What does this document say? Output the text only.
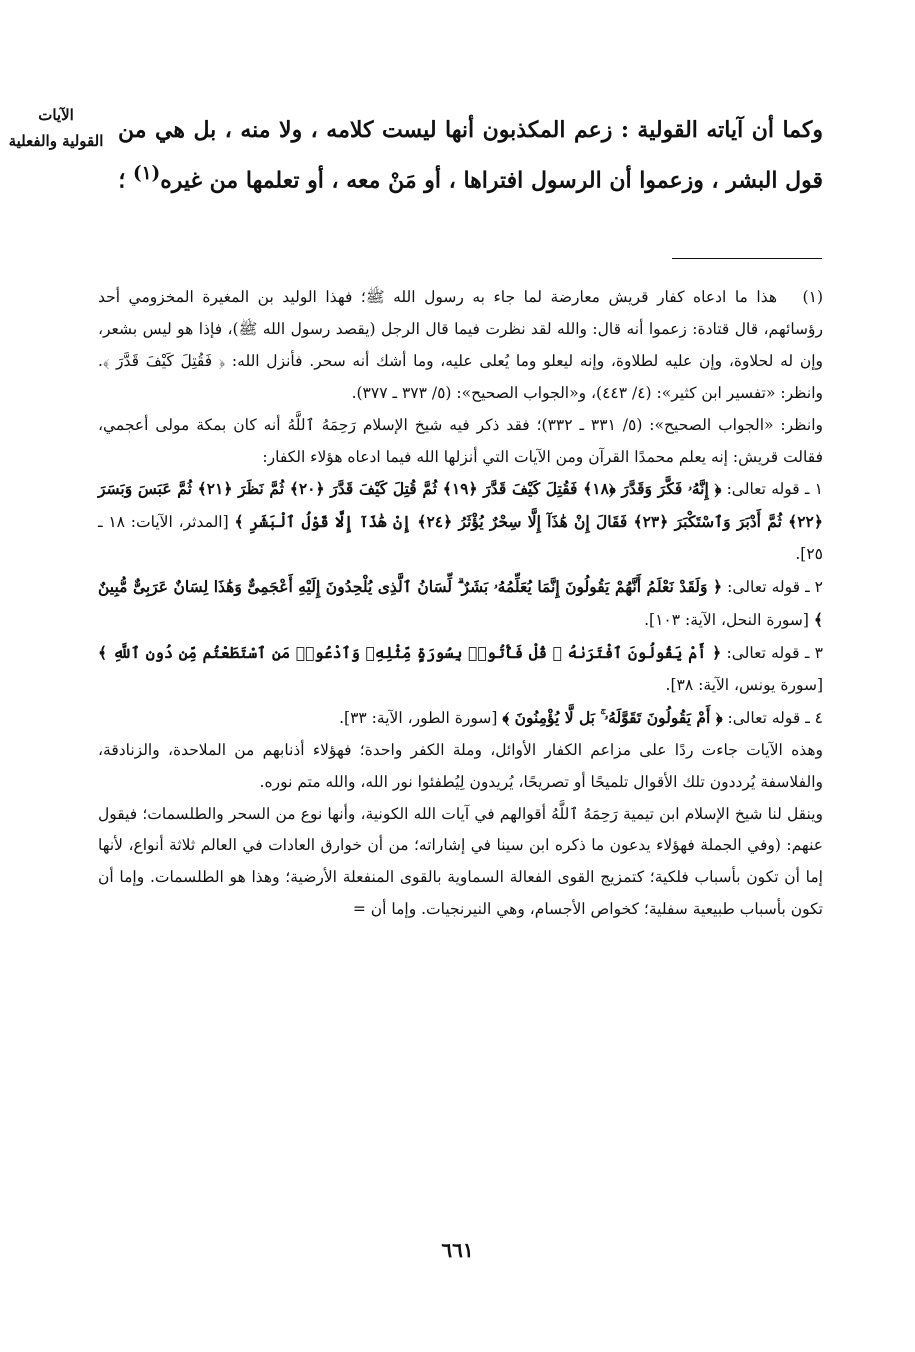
الآيات
القولية والفعلية وكما أن آياته القولية : زعم المكذبون أنها ليست كلامه ، ولا منه ، بل هي من قول البشر ، وزعموا أن الرسول افتراها ، أو مَنْ معه ، أو تعلمها من غيره$^{(١)}$ ؛

(١)هذا ما ادعاه كفار قريش معارضة لما جاء به رسول الله ﷺ؛ فهذا الوليد بن المغيرة المخزومي أحد رؤسائهم، قال قتادة: زعموا أنه قال: والله لقد نظرت فيما قال الرجل (يقصد رسول الله ﷺ)، فإذا هو ليس بشعر، وإن له لحلاوة، وإن عليه لطلاوة، وإنه ليعلو وما يُعلى عليه، وما أشك أنه سحر. فأنزل الله: ﴿ فَقُتِلَ كَيْفَ قَدَّرَ ﴾. وانظر: «تفسير ابن كثير»: (٤/ ٤٤٣)، و«الجواب الصحيح»: (٥/ ٣٧٣ ـ ٣٧٧).

وانظر: «الجواب الصحيح»: (٥/ ٣٣١ ـ ٣٣٢)؛ فقد ذكر فيه شيخ الإسلام رَحِمَهُ ٱللَّهُ أنه كان بمكة مولى أعجمي، فقالت قريش: إنه يعلم محمدًا القرآن ومن الآيات التي أنزلها الله فيما ادعاه هؤلاء الكفار:

١ ـ قوله تعالى: ﴿ إِنَّهُۥ فَكَّرَ وَقَدَّرَ ﴿١٨﴾ فَقُتِلَ كَيْفَ قَدَّرَ ﴿١٩﴾ ثُمَّ قُتِلَ كَيْفَ قَدَّرَ ﴿٢٠﴾ ثُمَّ نَظَرَ ﴿٢١﴾ ثُمَّ عَبَسَ وَبَسَرَ ﴿٢٢﴾ ثُمَّ أَدْبَرَ وَٱسْتَكْبَرَ ﴿٢٣﴾ فَقَالَ إِنْ هَٰذَآ إِلَّا سِحْرٌ يُؤْثَرُ ﴿٢٤﴾ إِنْ هَٰذَآ إِلَّا قَوْلُ ٱلْبَشَرِ ﴾ [المدثر، الآيات: ١٨ ـ ٢٥].

٢ ـ قوله تعالى: ﴿ وَلَقَدْ نَعْلَمُ أَنَّهُمْ يَقُولُونَ إِنَّمَا يُعَلِّمُهُۥ بَشَرٌ ۗ لِّسَانُ ٱلَّذِى يُلْحِدُونَ إِلَيْهِ أَعْجَمِىٌّ وَهَٰذَا لِسَانٌ عَرَبِىٌّ مُّبِينٌ ﴾ [سورة النحل، الآية: ١٠٣].

٣ ـ قوله تعالى: ﴿ أَمْ يَقُولُونَ ٱفْتَرَىٰهُ ۖ قُلْ فَأْتُوا۟ بِسُورَةٍ مِّثْلِهِۦ وَٱدْعُوا۟ مَنِ ٱسْتَطَعْتُم مِّن دُونِ ٱللَّهِ ﴾ [سورة يونس، الآية: ٣٨].

٤ ـ قوله تعالى: ﴿ أَمْ يَقُولُونَ تَقَوَّلَهُۥ ۚ بَل لَّا يُؤْمِنُونَ ﴾ [سورة الطور، الآية: ٣٣].

وهذه الآيات جاءت ردًا على مزاعم الكفار الأوائل، وملة الكفر واحدة؛ فهؤلاء أذنابهم من الملاحدة، والزنادقة، والفلاسفة يُرددون تلك الأقوال تلميحًا أو تصريحًا، يُريدون لِيُطفئوا نور الله، والله متم نوره.

وينقل لنا شيخ الإسلام ابن تيمية رَحِمَهُ ٱللَّهُ أقوالهم في آيات الله الكونية، وأنها نوع من السحر والطلسمات؛ فيقول عنهم: (وفي الجملة فهؤلاء يدعون ما ذكره ابن سينا في إشاراته؛ من أن خوارق العادات في العالم ثلاثة أنواع، لأنها إما أن تكون بأسباب فلكية؛ كتمزيج القوى الفعالة السماوية بالقوى المنفعلة الأرضية؛ وهذا هو الطلسمات. وإما أن تكون بأسباب طبيعية سفلية؛ كخواص الأجسام، وهي النيرنجيات. وإما أن =

٦٦١
